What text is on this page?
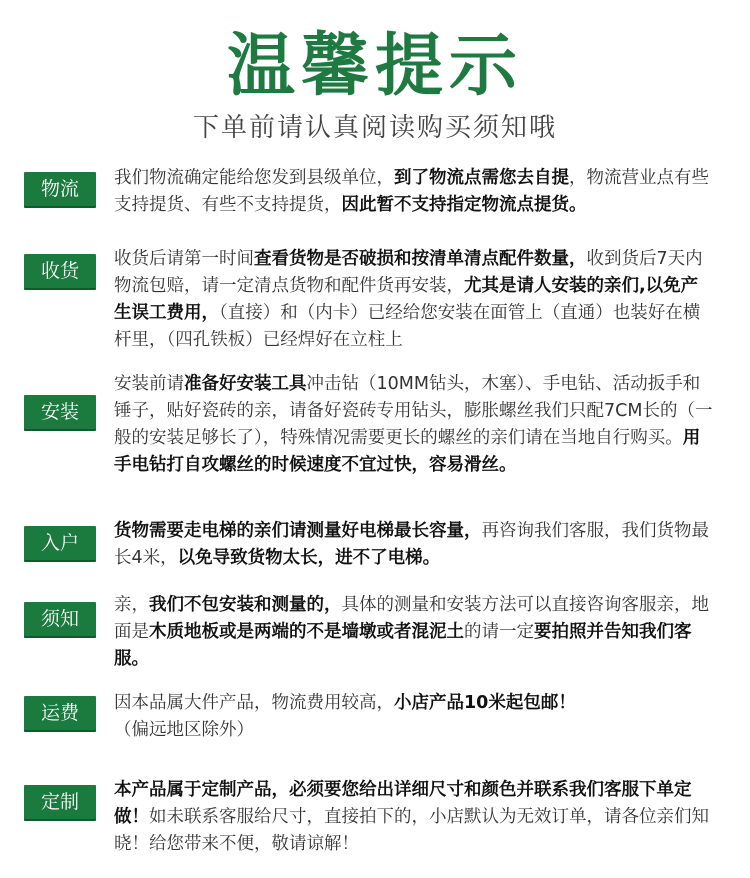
温馨提示
下单前请认真阅读购买须知哦
物流	我们物流确定能给您发到县级单位，到了物流点需您去自提，物流营业点有些支持提货、有些不支持提货，因此暂不支持指定物流点提货。
收货
收货后请第一时间查看货物是否破损和按清单清点配件数量，收到货后7天内物流包赔，请一定清点货物和配件货再安装，尤其是请人安装的亲们,以免产生误工费用，（直接）和（内卡）已经给您安装在面管上（直通）也装好在横杆里，（四孔铁板）已经焊好在立柱上
安装
安装前请准备好安装工具冲击钻（10MM钻头，木塞）、手电钻、活动扳手和锤子，贴好瓷砖的亲，请备好瓷砖专用钻头，膨胀螺丝我们只配7CM长的（一般的安装足够长了），特殊情况需要更长的螺丝的亲们请在当地自行购买。用手电钻打自攻螺丝的时候速度不宜过快，容易滑丝。
入户
货物需要走电梯的亲们请测量好电梯最长容量，再咨询我们客服，我们货物最长4米，以免导致货物太长，进不了电梯。
须知
亲，我们不包安装和测量的，具体的测量和安装方法可以直接咨询客服亲，地面是木质地板或是两端的不是墙墩或者混泥土的请一定要拍照并告知我们客服。
运费	因本品属大件产品，物流费用较高，小店产品10米起包邮！（偏远地区除外）
定制
本产品属于定制产品，必须要您给出详细尺寸和颜色并联系我们客服下单定做！如未联系客服给尺寸，直接拍下的，小店默认为无效订单，请各位亲们知晓！给您带来不便，敬请谅解！
